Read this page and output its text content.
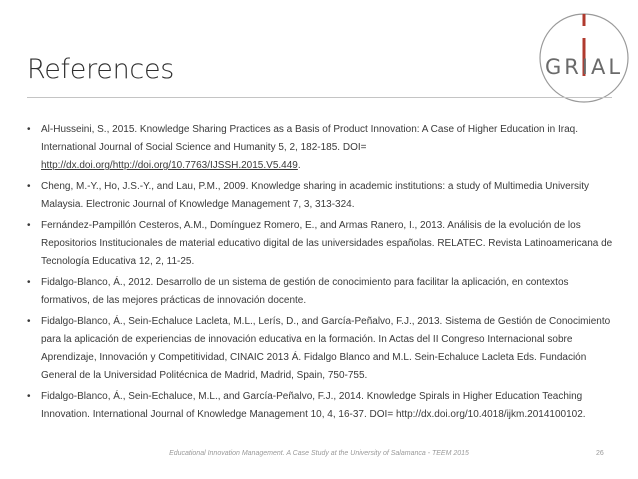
References	GRIAL
• Al-Husseini, S., 2015. Knowledge Sharing Practices as a Basis of Product Innovation: A Case of Higher Education in Iraq. International Journal of Social Science and Humanity 5, 2, 182-185. DOI= http://dx.doi.org/http://doi.org/10.7763/IJSSH.2015.V5.449.
• Cheng, M.-Y., Ho, J.S.-Y., and Lau, P.M., 2009. Knowledge sharing in academic institutions: a study of Multimedia University Malaysia. Electronic Journal of Knowledge Management 7, 3, 313-324.
• Fernández-Pampillón Cesteros, A.M., Domínguez Romero, E., and Armas Ranero, I., 2013. Análisis de la evolución de los Repositorios Institucionales de material educativo digital de las universidades españolas. RELATEC. Revista Latinoamericana de Tecnología Educativa 12, 2, 11-25.
• Fidalgo-Blanco, Á., 2012. Desarrollo de un sistema de gestión de conocimiento para facilitar la aplicación, en contextos formativos, de las mejores prácticas de innovación docente.
• Fidalgo-Blanco, Á., Sein-Echaluce Lacleta, M.L., Lerís, D., and García-Peñalvo, F.J., 2013. Sistema de Gestión de Conocimiento para la aplicación de experiencias de innovación educativa en la formación. In Actas del II Congreso Internacional sobre Aprendizaje, Innovación y Competitividad, CINAIC 2013 Á. Fidalgo Blanco and M.L. Sein-Echaluce Lacleta Eds. Fundación General de la Universidad Politécnica de Madrid, Madrid, Spain, 750-755.
• Fidalgo-Blanco, Á., Sein-Echaluce, M.L., and García-Peñalvo, F.J., 2014. Knowledge Spirals in Higher Education Teaching Innovation. International Journal of Knowledge Management 10, 4, 16-37. DOI= http://dx.doi.org/10.4018/ijkm.2014100102.
Educational Innovation Management. A Case Study at the University of Salamanca - TEEM 2015	26
